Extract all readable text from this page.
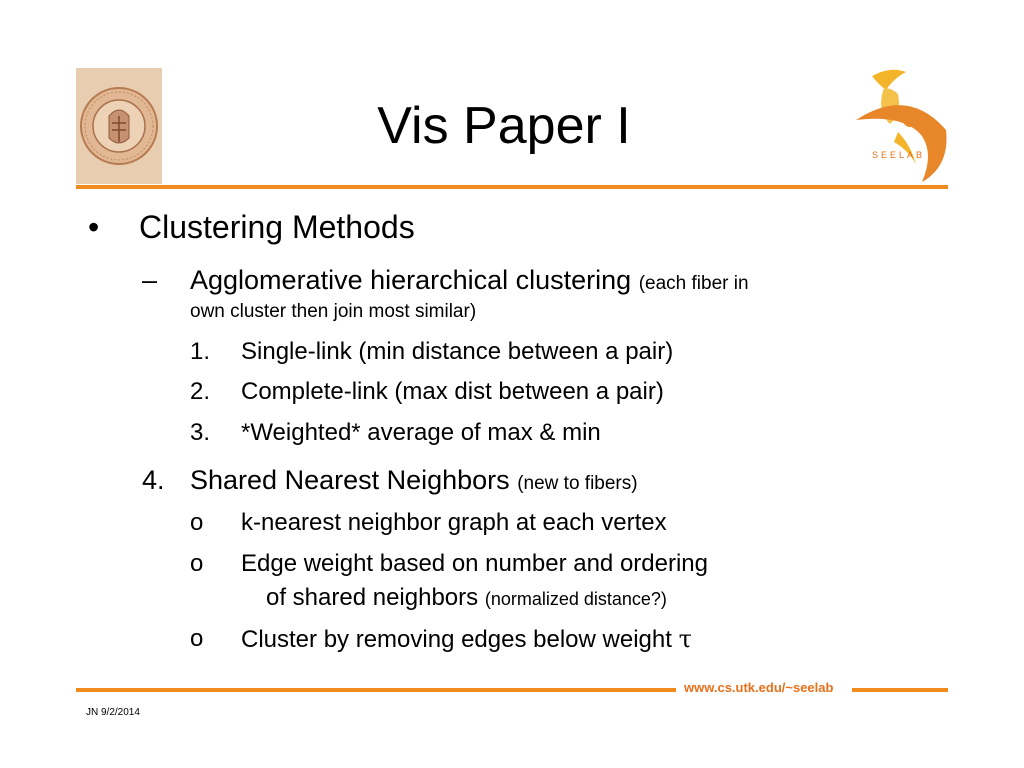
SEELAB
Vis Paper I
• Clustering Methods
– Agglomerative hierarchical clustering (each fiber in
own cluster then join most similar)
1. Single-link (min distance between a pair)
2. Complete-link (max dist between a pair)
3. *Weighted* average of max & min
4. Shared Nearest Neighbors (new to fibers)
o k-nearest neighbor graph at each vertex
o Edge weight based on number and ordering
of shared neighbors (normalized distance?)
o Cluster by removing edges below weight τ
www.cs.utk.edu/~seelab
JN 9/2/2014
